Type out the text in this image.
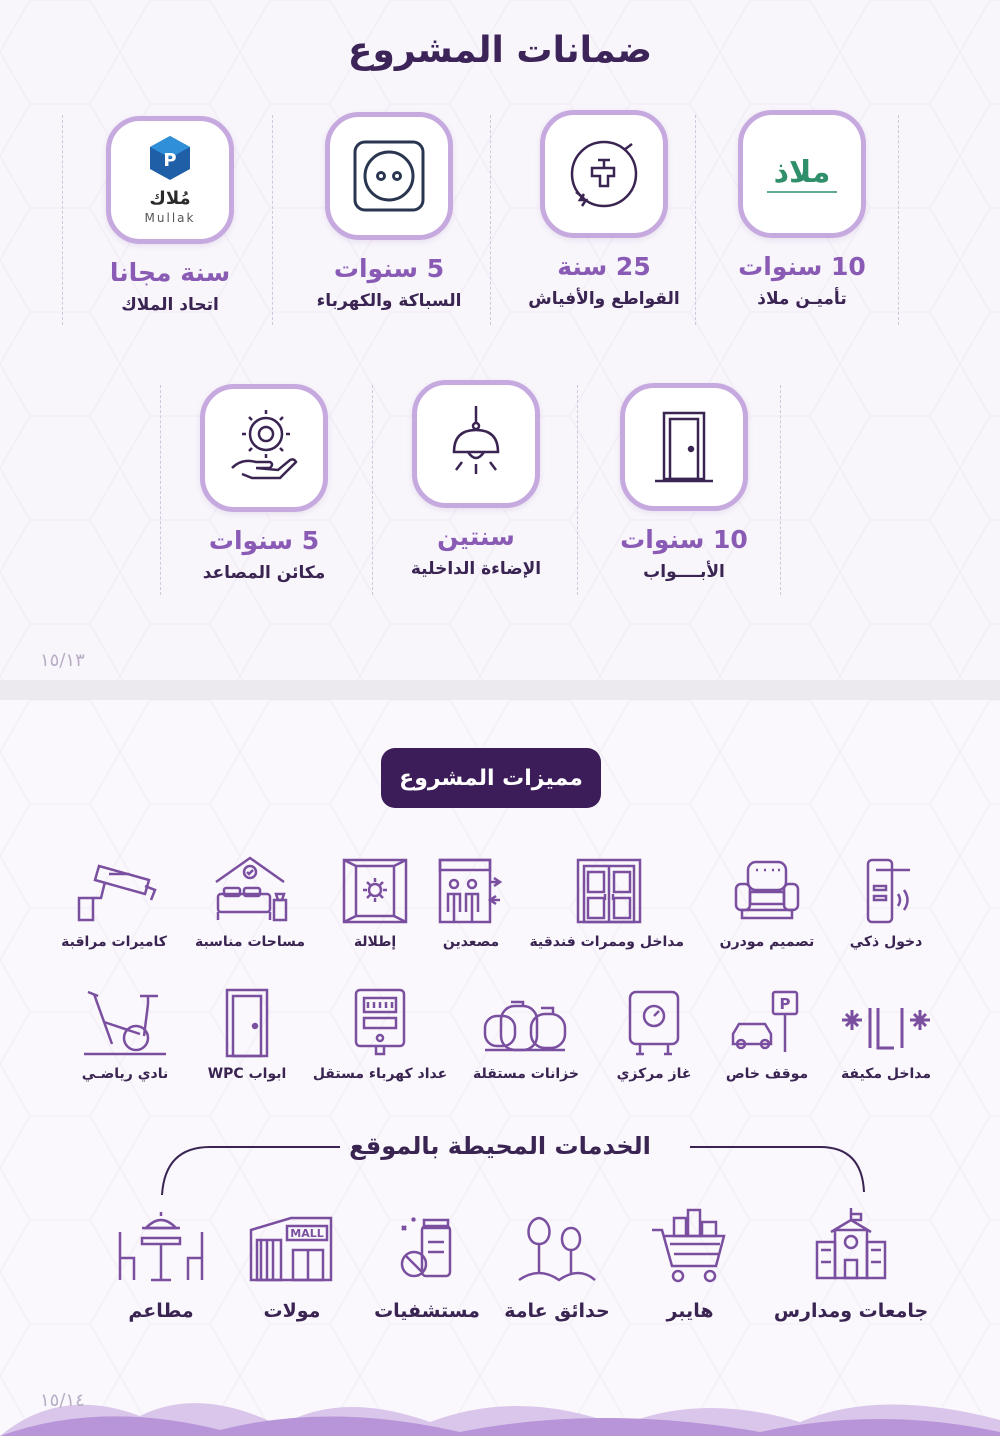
ضمانات المشروع
ملاذ
10 سنوات
تأميـن ملاذ
25 سنة
القواطع والأفياش
5 سنوات
السباكة والكهرباء
P
مُلاك
Mullak
سنة مجانا
اتحاد الملاك
10 سنوات
الأبــــواب
سنتين
الإضاءة الداخلية
5 سنوات
مكائن المصاعد
١٥/١٣
مميزات المشروع
دخول ذكي
تصميم مودرن
مداخل وممرات فندقية
مصعدين
إطلالة
مساحات مناسبة
كاميرات مراقبة
مداخل مكيفة
P
موقف خاص
غاز مركزي
خزانات مستقلة
عداد كهرباء مستقل
ابواب WPC
نادي رياضـي
الخدمات المحيطة بالموقع
جامعات ومدارس
هايبر
حدائق عامة
مستشفيات
MALL
مولات
مطاعم
١٥/١٤
